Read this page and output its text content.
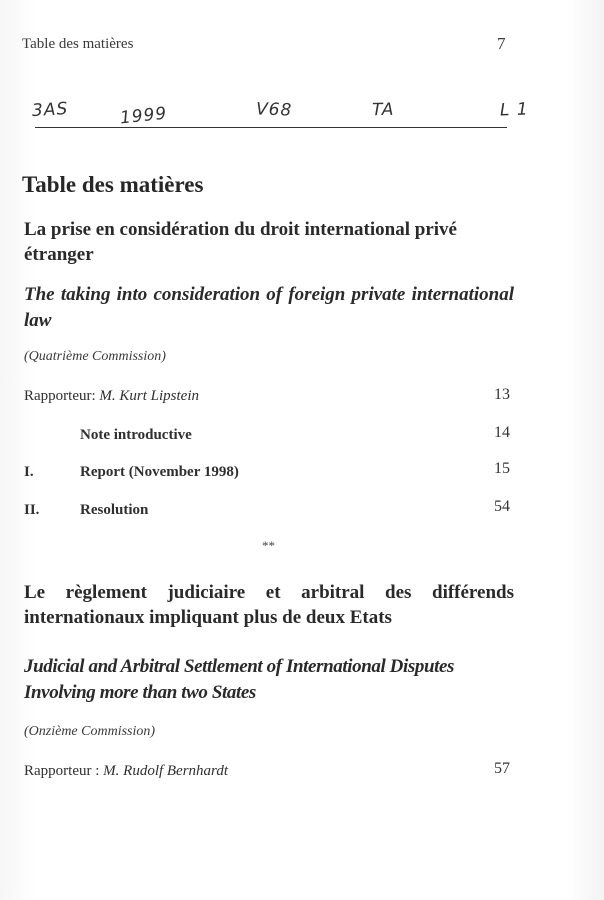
Table des matières	7
3AS	1999	V68	TA	L 1
Table des matières
La prise en considération du droit international privé étranger
The taking into consideration of foreign private international law
(Quatrième Commission)
Rapporteur: M. Kurt Lipstein	13
Note introductive	14
I.	Report (November 1998)	15
II.	Resolution	54
**
Le règlement judiciaire et arbitral des différends internationaux impliquant plus de deux Etats
Judicial and Arbitral Settlement of International Disputes Involving more than two States
(Onzième Commission)
Rapporteur : M. Rudolf Bernhardt	57
